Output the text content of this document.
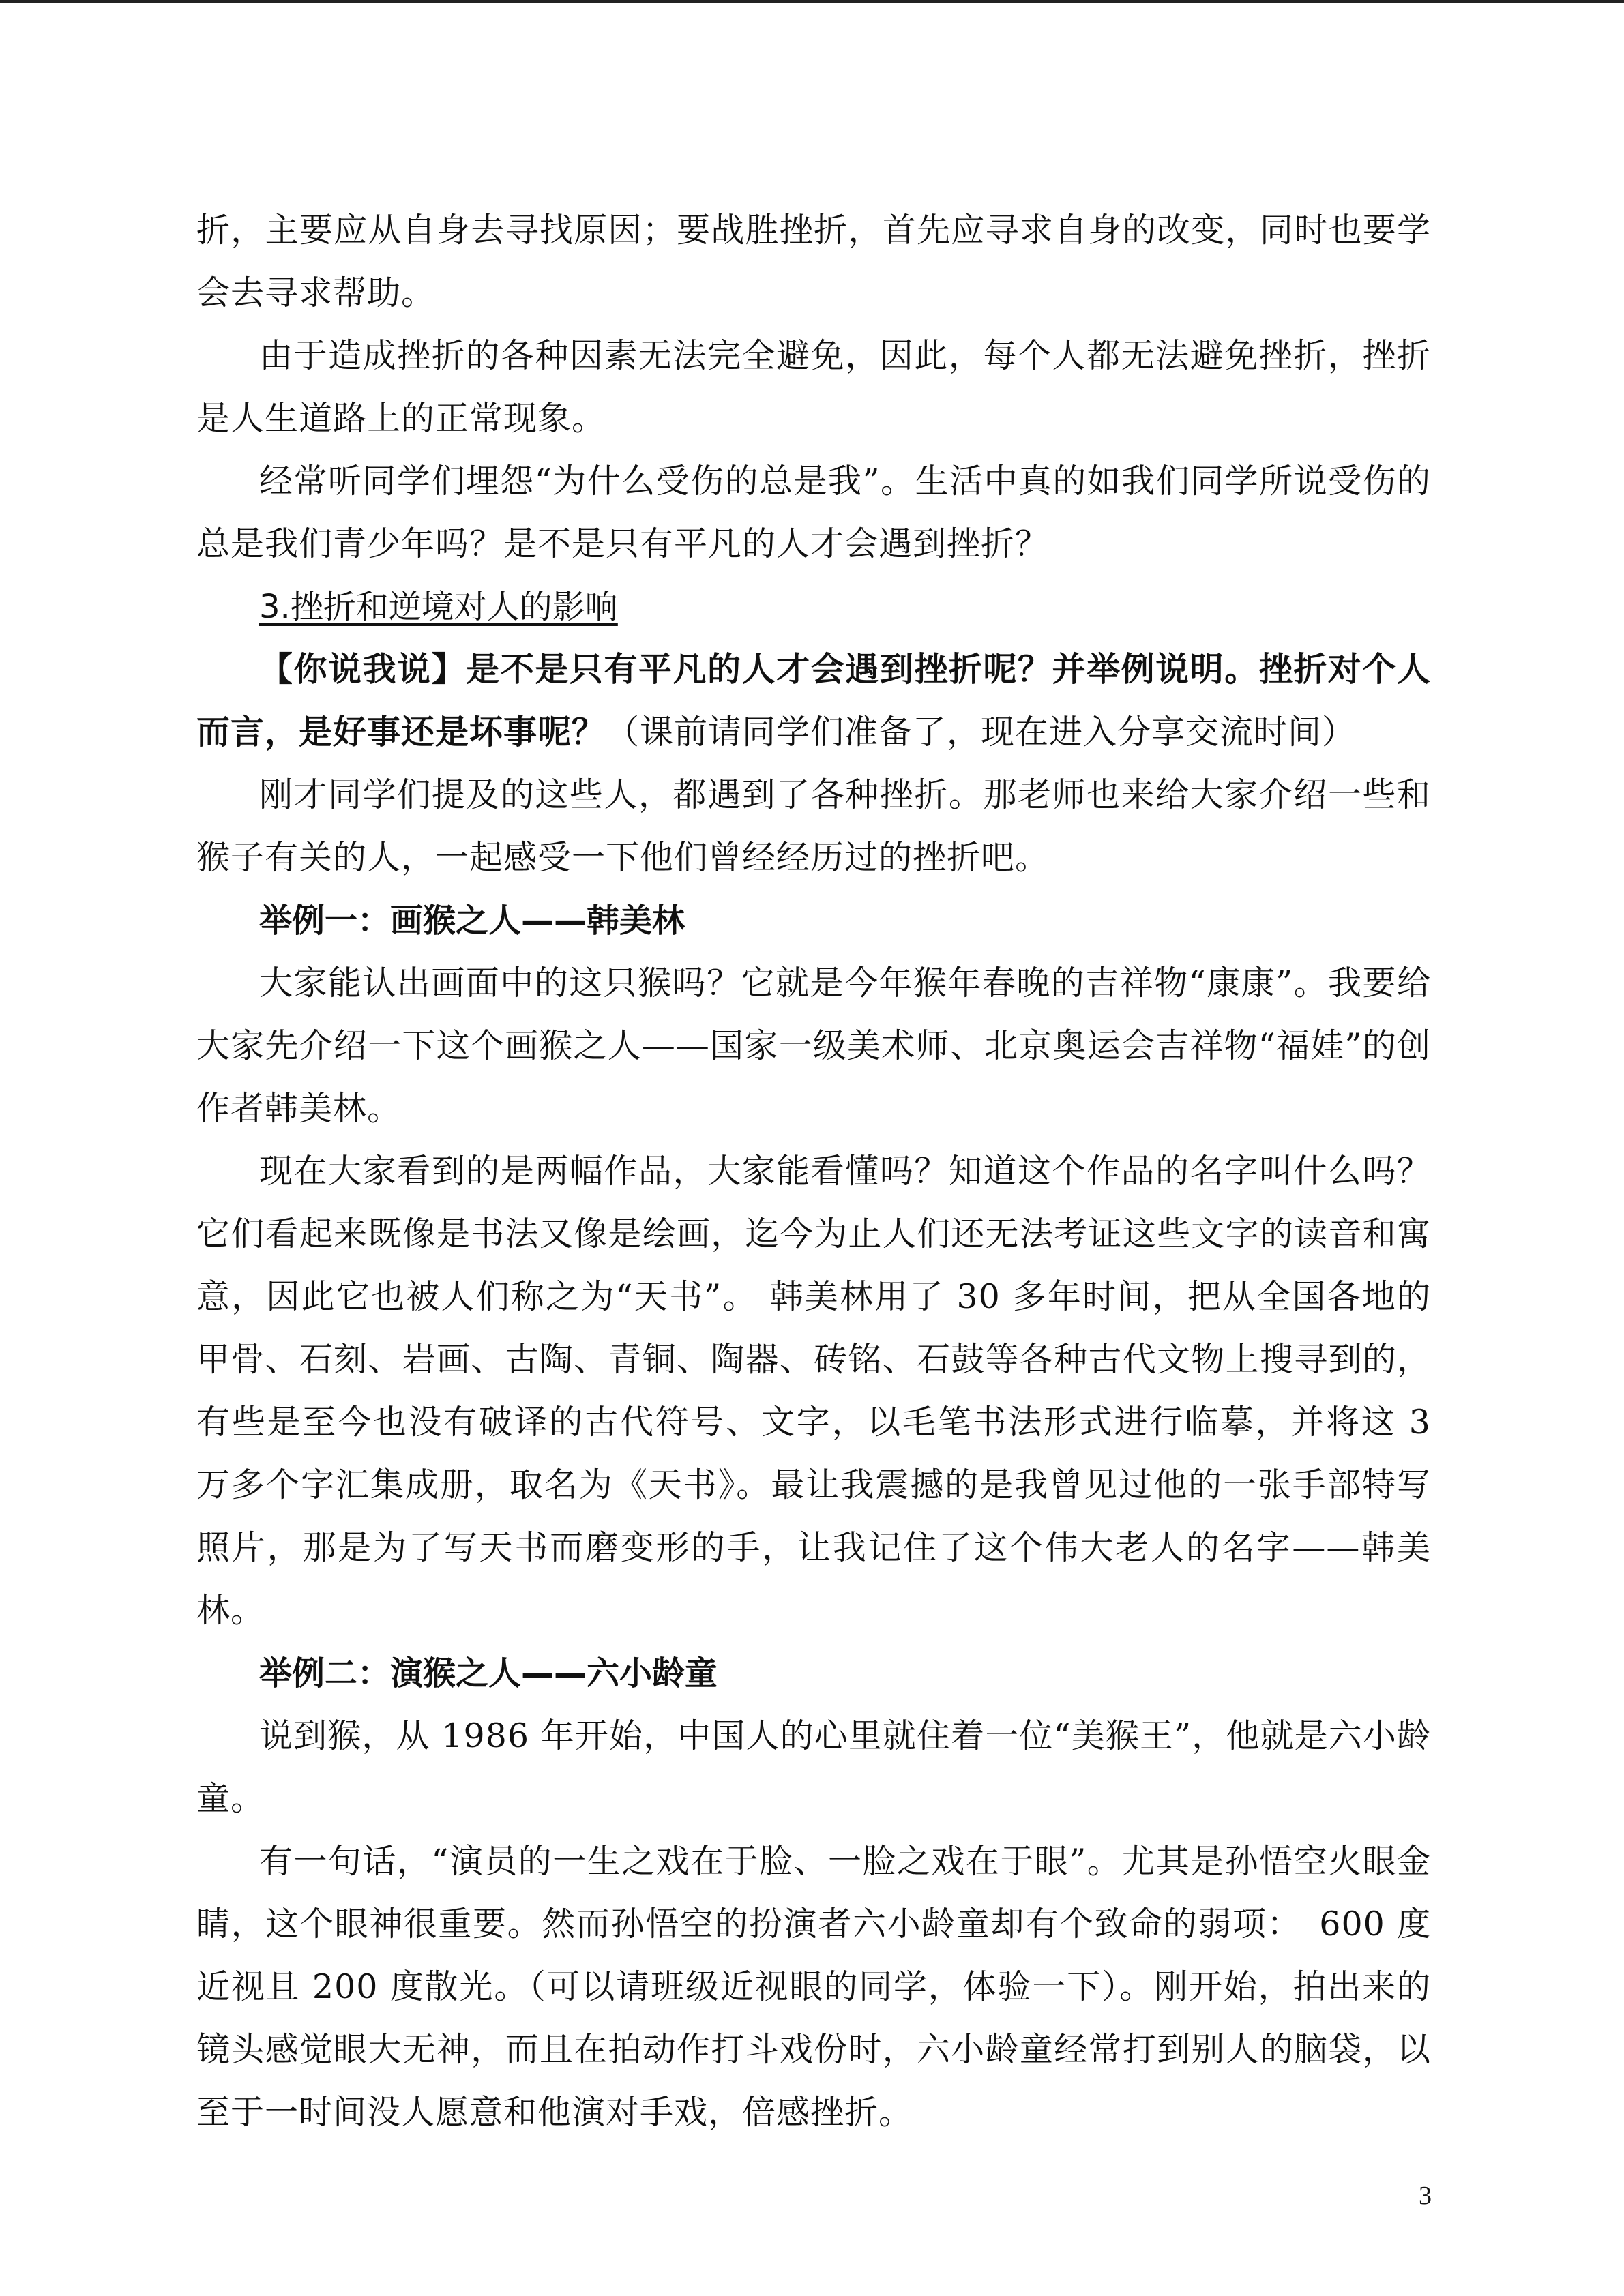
折，主要应从自身去寻找原因；要战胜挫折，首先应寻求自身的改变，同时也要学会去寻求帮助。

由于造成挫折的各种因素无法完全避免，因此，每个人都无法避免挫折，挫折是人生道路上的正常现象。

经常听同学们埋怨“为什么受伤的总是我”。生活中真的如我们同学所说受伤的总是我们青少年吗？是不是只有平凡的人才会遇到挫折？

3.挫折和逆境对人的影响

【你说我说】是不是只有平凡的人才会遇到挫折呢？并举例说明。挫折对个人而言，是好事还是坏事呢？（课前请同学们准备了，现在进入分享交流时间）

刚才同学们提及的这些人，都遇到了各种挫折。那老师也来给大家介绍一些和猴子有关的人，一起感受一下他们曾经经历过的挫折吧。

举例一：画猴之人——韩美林

大家能认出画面中的这只猴吗？它就是今年猴年春晚的吉祥物“康康”。我要给大家先介绍一下这个画猴之人——国家一级美术师、北京奥运会吉祥物“福娃”的创作者韩美林。

现在大家看到的是两幅作品，大家能看懂吗？知道这个作品的名字叫什么吗？它们看起来既像是书法又像是绘画，迄今为止人们还无法考证这些文字的读音和寓意，因此它也被人们称之为“天书”。 韩美林用了 30 多年时间，把从全国各地的甲骨、石刻、岩画、古陶、青铜、陶器、砖铭、石鼓等各种古代文物上搜寻到的，有些是至今也没有破译的古代符号、文字，以毛笔书法形式进行临摹，并将这 3 万多个字汇集成册，取名为《天书》。最让我震撼的是我曾见过他的一张手部特写照片，那是为了写天书而磨变形的手，让我记住了这个伟大老人的名字——韩美林。

举例二：演猴之人——六小龄童

说到猴，从 1986 年开始，中国人的心里就住着一位“美猴王”，他就是六小龄童。

有一句话，“演员的一生之戏在于脸、一脸之戏在于眼”。尤其是孙悟空火眼金睛，这个眼神很重要。然而孙悟空的扮演者六小龄童却有个致命的弱项：　600 度近视且 200 度散光。（可以请班级近视眼的同学，体验一下）。刚开始，拍出来的镜头感觉眼大无神，而且在拍动作打斗戏份时，六小龄童经常打到别人的脑袋，以至于一时间没人愿意和他演对手戏，倍感挫折。

3
